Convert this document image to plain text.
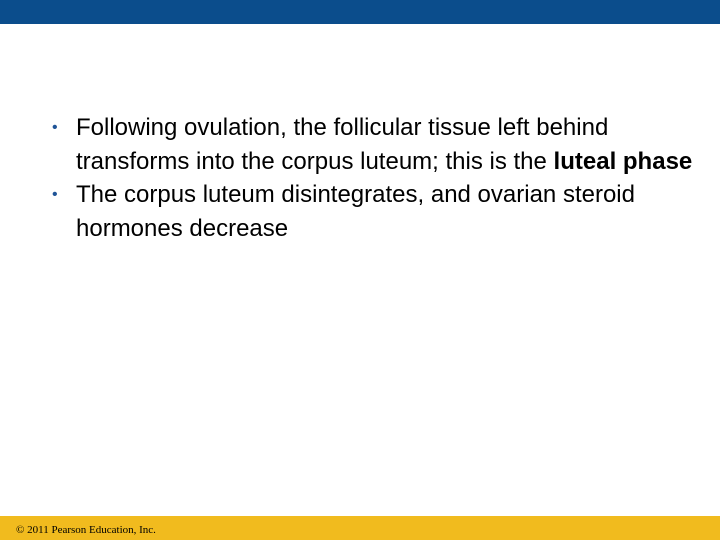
• Following ovulation, the follicular tissue left behind transforms into the corpus luteum; this is the luteal phase

• The corpus luteum disintegrates, and ovarian steroid hormones decrease

© 2011 Pearson Education, Inc.
